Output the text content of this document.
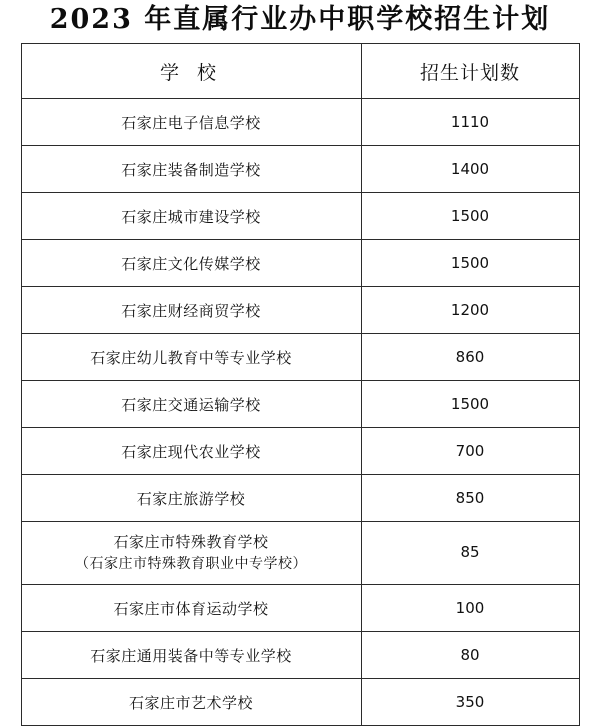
2023 年直属行业办中职学校招生计划
学 校	招生计划数
石家庄电子信息学校	1110
石家庄装备制造学校	1400
石家庄城市建设学校	1500
石家庄文化传媒学校	1500
石家庄财经商贸学校	1200
石家庄幼儿教育中等专业学校	860
石家庄交通运输学校	1500
石家庄现代农业学校	700
石家庄旅游学校	850
石家庄市特殊教育学校
（石家庄市特殊教育职业中专学校）	85
石家庄市体育运动学校	100
石家庄通用装备中等专业学校	80
石家庄市艺术学校	350
